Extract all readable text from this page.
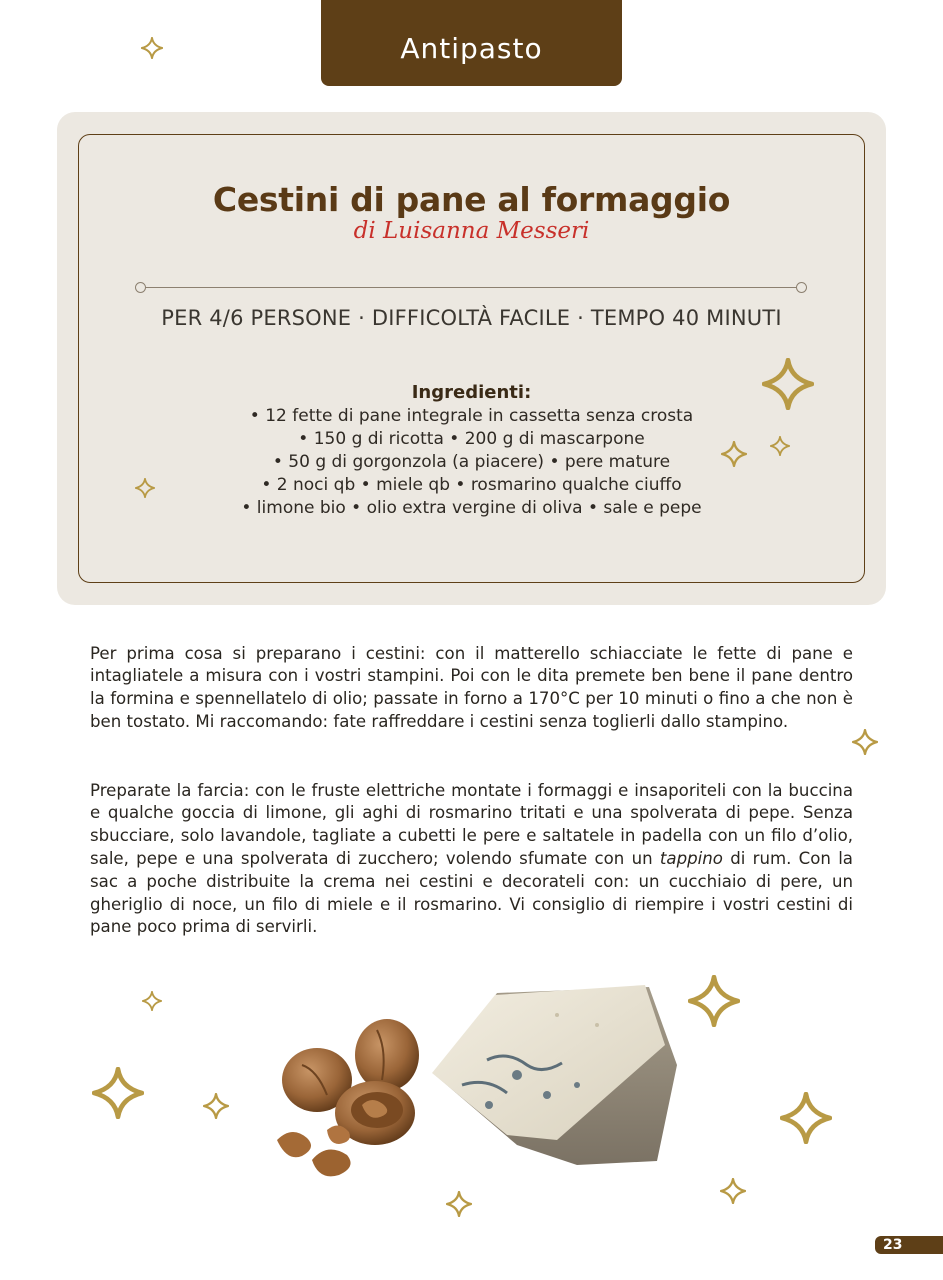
Antipasto
Cestini di pane al formaggio
di Luisanna Messeri
PER 4/6 PERSONE · DIFFICOLTÀ FACILE · TEMPO 40 MINUTI
Ingredienti:
• 12 fette di pane integrale in cassetta senza crosta
• 150 g di ricotta • 200 g di mascarpone
• 50 g di gorgonzola (a piacere) • pere mature
• 2 noci qb • miele qb • rosmarino qualche ciuffo
• limone bio • olio extra vergine di oliva • sale e pepe

Per prima cosa si preparano i cestini: con il matterello schiacciate le fette di pane e intagliatele a misura con i vostri stampini. Poi con le dita premete ben bene il pane dentro la formina e spennellatelo di olio; passate in forno a 170°C per 10 minuti o fino a che non è ben tostato. Mi raccomando: fate raffreddare i cestini senza toglierli dallo stampino.

Preparate la farcia: con le fruste elettriche montate i formaggi e insaporiteli con la buccina e qualche goccia di limone, gli aghi di rosmarino tritati e una spolverata di pepe. Senza sbucciare, solo lavandole, tagliate a cubetti le pere e saltatele in padella con un filo d’olio, sale, pepe e una spolverata di zucchero; volendo sfumate con un tappino di rum. Con la sac a poche distribuite la crema nei cestini e decorateli con: un cucchiaio di pere, un gheriglio di noce, un filo di miele e il rosmarino. Vi consiglio di riempire i vostri cestini di pane poco prima di servirli.

23
